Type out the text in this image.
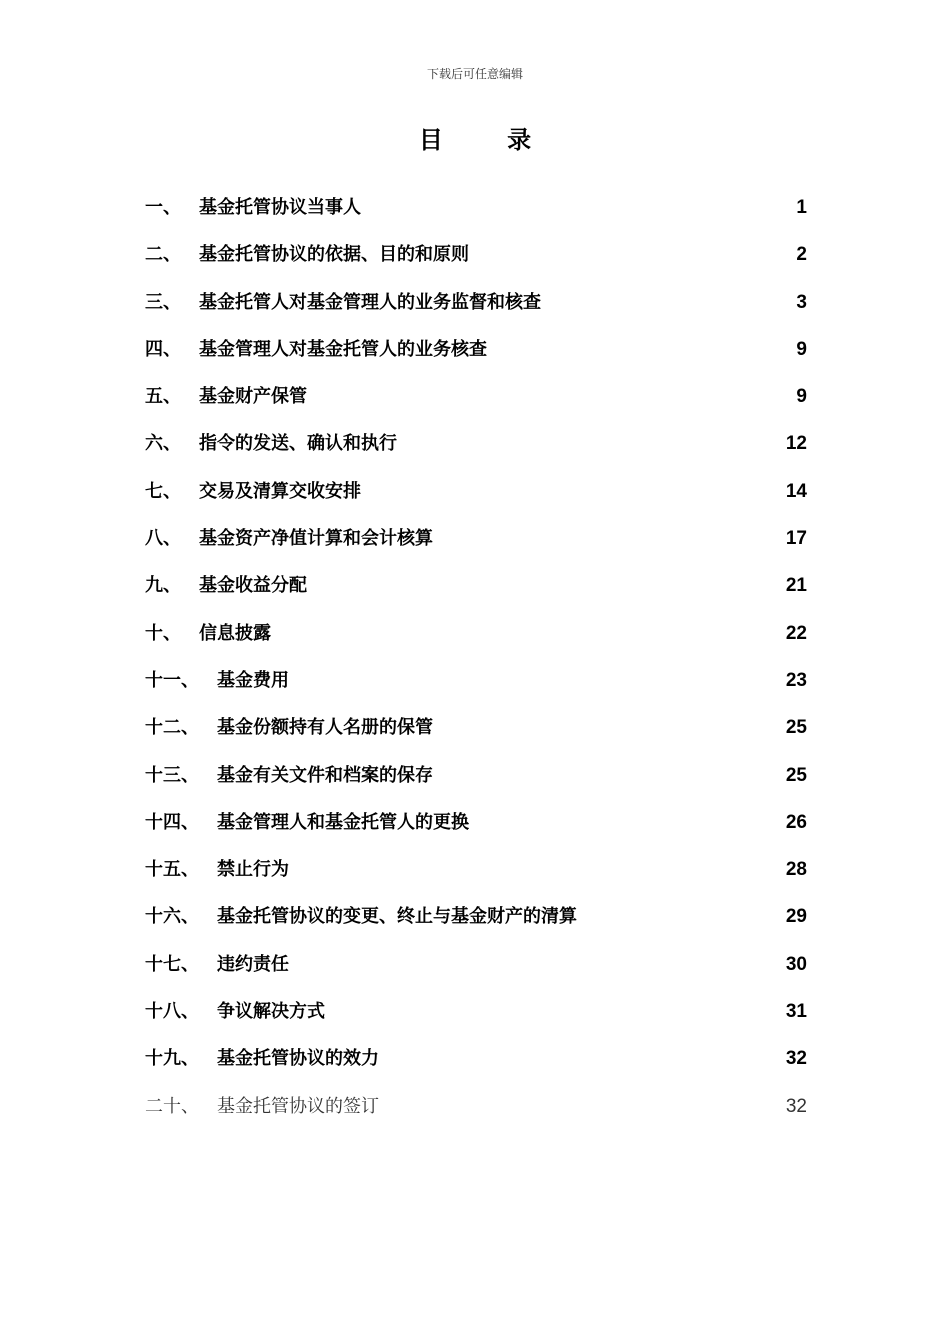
下载后可任意编辑
目 录
一、	基金托管协议当事人	1
二、	基金托管协议的依据、目的和原则	2
三、	基金托管人对基金管理人的业务监督和核查	3
四、	基金管理人对基金托管人的业务核查	9
五、	基金财产保管	9
六、	指令的发送、确认和执行	12
七、	交易及清算交收安排	14
八、	基金资产净值计算和会计核算	17
九、	基金收益分配	21
十、	信息披露	22
十一、	基金费用	23
十二、	基金份额持有人名册的保管	25
十三、	基金有关文件和档案的保存	25
十四、	基金管理人和基金托管人的更换	26
十五、	禁止行为	28
十六、	基金托管协议的变更、终止与基金财产的清算	29
十七、	违约责任	30
十八、	争议解决方式	31
十九、	基金托管协议的效力	32
二十、	基金托管协议的签订	32
